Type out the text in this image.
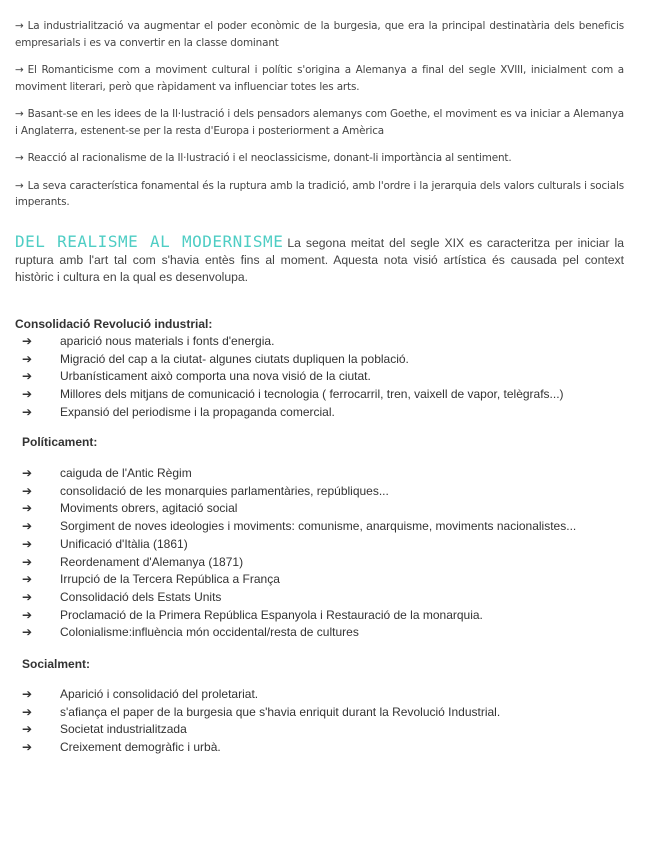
→ La industrialització va augmentar el poder econòmic de la burgesia, que era la principal destinatària dels beneficis empresarials i es va convertir en la classe dominant

→ El Romanticisme com a moviment cultural i polític s'origina a Alemanya a final del segle XVIII, inicialment com a moviment literari, però que ràpidament va influenciar totes les arts.

→ Basant-se en les idees de la Il·lustració i dels pensadors alemanys com Goethe, el moviment es va iniciar a Alemanya i Anglaterra, estenent-se per la resta d'Europa i posteriorment a Amèrica

→ Reacció al racionalisme de la Il·lustració i el neoclassicisme, donant-li importància al sentiment.

→ La seva característica fonamental és la ruptura amb la tradició, amb l'ordre i la jerarquia dels valors culturals i socials imperants.

DEL REALISME AL MODERNISME La segona meitat del segle XIX es caracteritza per iniciar la ruptura amb l'art tal com s'havia entès fins al moment. Aquesta nota visió artística és causada pel context històric i cultura en la qual es desenvolupa.
Consolidació Revolució industrial:
➔ aparició nous materials i fonts d'energia.
➔ Migració del cap a la ciutat- algunes ciutats dupliquen la població.
➔ Urbanísticament això comporta una nova visió de la ciutat.
➔ Millores dels mitjans de comunicació i tecnologia ( ferrocarril, tren, vaixell de vapor, telègrafs...)
➔ Expansió del periodisme i la propaganda comercial.
Políticament:
➔ caiguda de l'Antic Règim
➔ consolidació de les monarquies parlamentàries, repúbliques...
➔ Moviments obrers, agitació social
➔ Sorgiment de noves ideologies i moviments: comunisme, anarquisme, moviments nacionalistes...
➔ Unificació d'Itàlia (1861)
➔ Reordenament d'Alemanya (1871)
➔ Irrupció de la Tercera República a França
➔ Consolidació dels Estats Units
➔ Proclamació de la Primera República Espanyola i Restauració de la monarquia.
➔ Colonialisme:influència món occidental/resta de cultures
Socialment:
➔ Aparició i consolidació del proletariat.
➔ s'afiança el paper de la burgesia que s'havia enriquit durant la Revolució Industrial.
➔ Societat industrialitzada
➔ Creixement demogràfic i urbà.
